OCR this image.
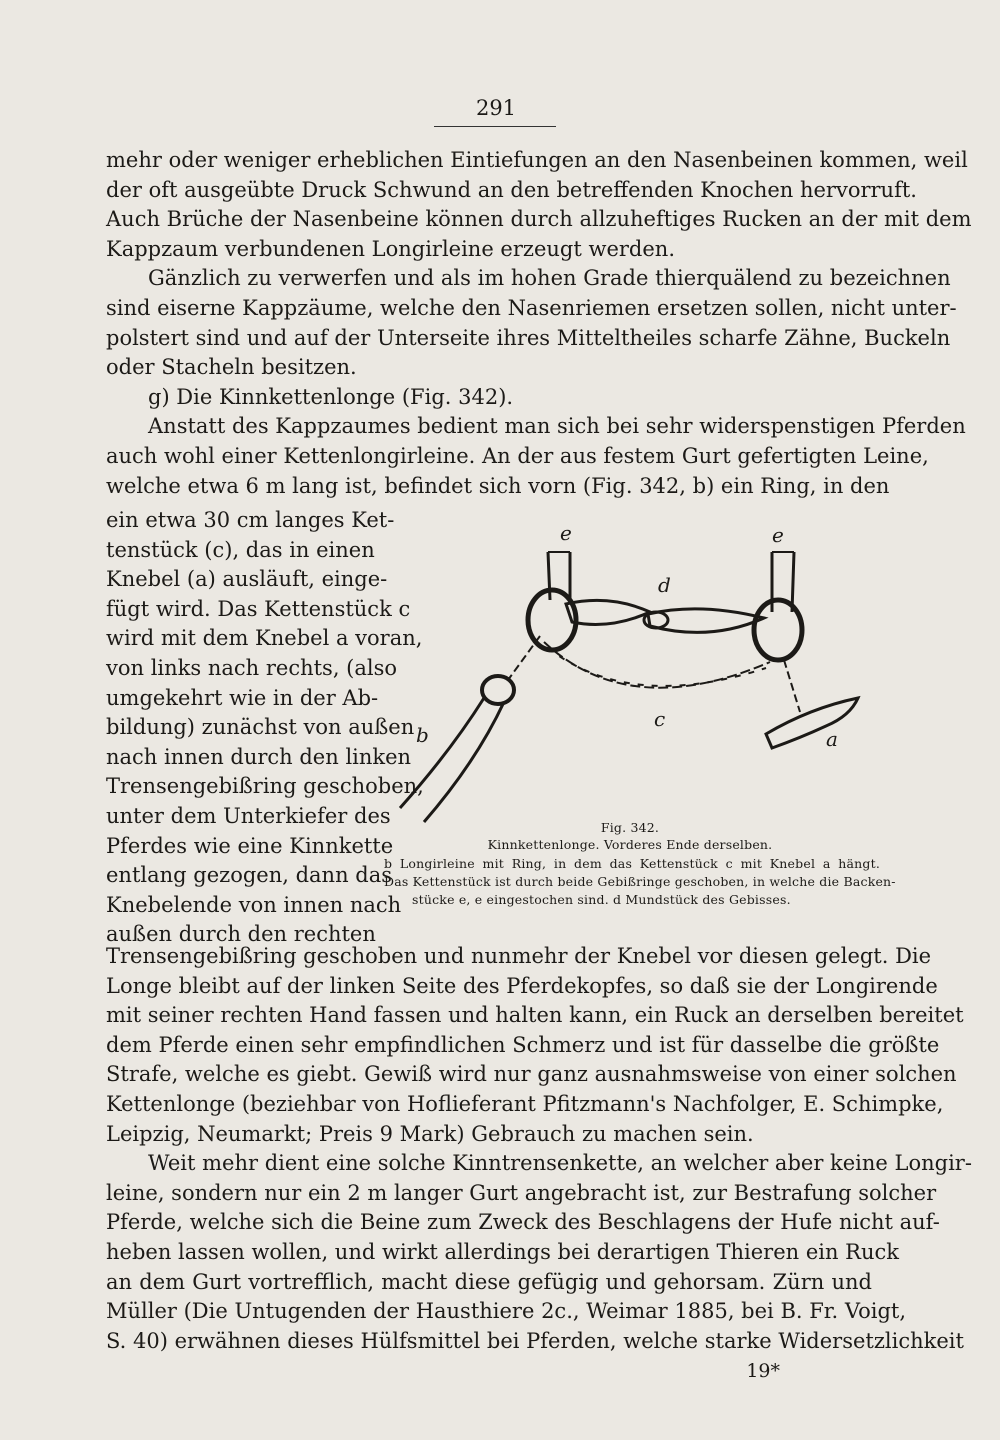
291
mehr oder weniger erheblichen Eintiefungen an den Nasenbeinen kommen, weil
der oft ausgeübte Druck Schwund an den betreffenden Knochen hervorruft.
Auch Brüche der Nasenbeine können durch allzuheftiges Rucken an der mit dem
Kappzaum verbundenen Longirleine erzeugt werden.
Gänzlich zu verwerfen und als im hohen Grade thierquälend zu bezeichnen
sind eiserne Kappzäume, welche den Nasenriemen ersetzen sollen, nicht unter-
polstert sind und auf der Unterseite ihres Mitteltheiles scharfe Zähne, Buckeln
oder Stacheln besitzen.
g) Die Kinnkettenlonge (Fig. 342).
Anstatt des Kappzaumes bedient man sich bei sehr widerspenstigen Pferden
auch wohl einer Kettenlongirleine. An der aus festem Gurt gefertigten Leine,
welche etwa 6 m lang ist, befindet sich vorn (Fig. 342, b) ein Ring, in den
ein etwa 30 cm langes Ket-
tenstück (c), das in einen
Knebel (a) ausläuft, einge-
fügt wird. Das Kettenstück c
wird mit dem Knebel a voran,
von links nach rechts, (also
umgekehrt wie in der Ab-
bildung) zunächst von außen
nach innen durch den linken
Trensengebißring geschoben,
unter dem Unterkiefer des
Pferdes wie eine Kinnkette
entlang gezogen, dann das
Knebelende von innen nach
außen durch den rechten
Trensengebißring geschoben und nunmehr der Knebel vor diesen gelegt. Die
Longe bleibt auf der linken Seite des Pferdekopfes, so daß sie der Longirende
mit seiner rechten Hand fassen und halten kann, ein Ruck an derselben bereitet
dem Pferde einen sehr empfindlichen Schmerz und ist für dasselbe die größte
Strafe, welche es giebt. Gewiß wird nur ganz ausnahmsweise von einer solchen
Kettenlonge (beziehbar von Hoflieferant Pfitzmann's Nachfolger, E. Schimpke,
Leipzig, Neumarkt; Preis 9 Mark) Gebrauch zu machen sein.
Weit mehr dient eine solche Kinntrensenkette, an welcher aber keine Longir-
leine, sondern nur ein 2 m langer Gurt angebracht ist, zur Bestrafung solcher
Pferde, welche sich die Beine zum Zweck des Beschlagens der Hufe nicht auf-
heben lassen wollen, und wirkt allerdings bei derartigen Thieren ein Ruck
an dem Gurt vortrefflich, macht diese gefügig und gehorsam. Zürn und
Müller (Die Untugenden der Hausthiere 2c., Weimar 1885, bei B. Fr. Voigt,
S. 40) erwähnen dieses Hülfsmittel bei Pferden, welche starke Widersetzlichkeit
e	e
d
c
b	a
Fig. 342.
Kinnkettenlonge. Vorderes Ende derselben.
b Longirleine mit Ring, in dem das Kettenstück c mit Knebel a hängt.
Das Kettenstück ist durch beide Gebißringe geschoben, in welche die Backen-
stücke e, e eingestochen sind. d Mundstück des Gebisses.
19*
